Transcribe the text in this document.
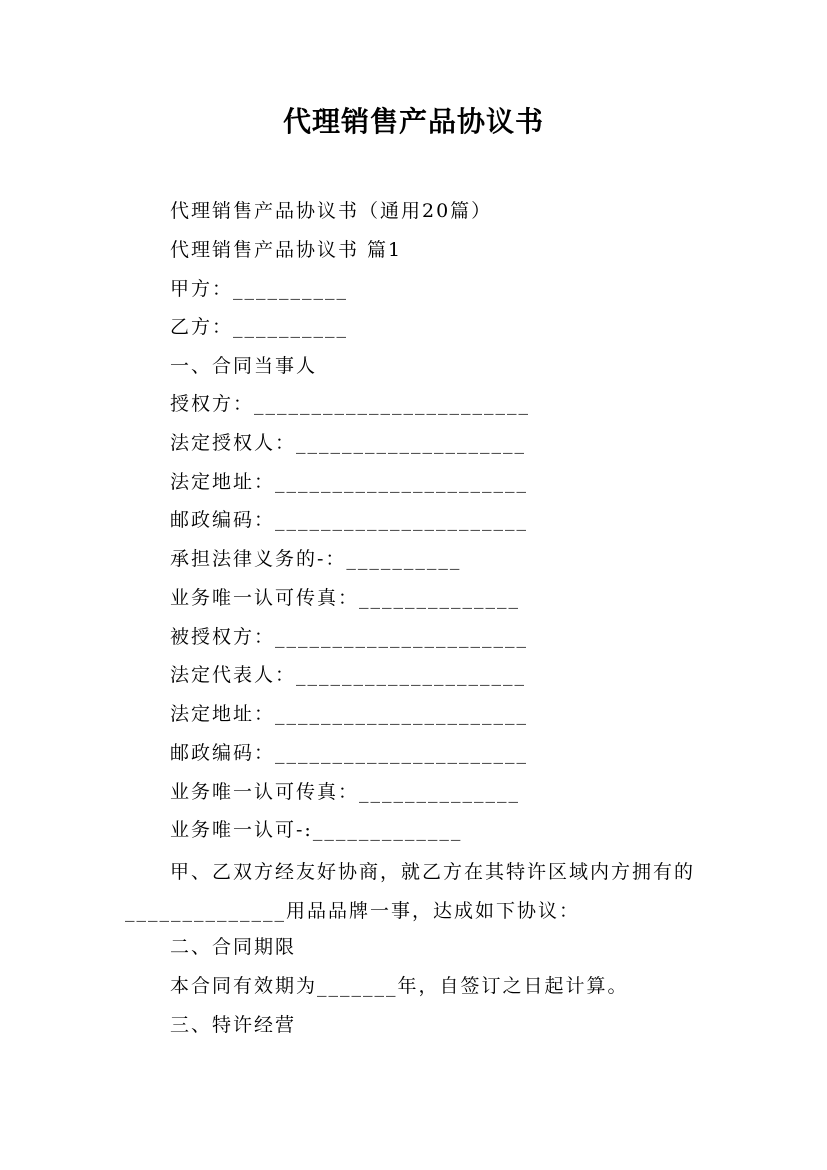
代理销售产品协议书
代理销售产品协议书（通用20篇）
代理销售产品协议书 篇1
甲方：__________
乙方：__________
一、合同当事人
授权方：________________________
法定授权人：____________________
法定地址：______________________
邮政编码：______________________
承担法律义务的-：__________
业务唯一认可传真：______________
被授权方：______________________
法定代表人：____________________
法定地址：______________________
邮政编码：______________________
业务唯一认可传真：______________
业务唯一认可-:_____________
甲、乙双方经友好协商，就乙方在其特许区域内方拥有的______________用品品牌一事，达成如下协议：
二、合同期限
本合同有效期为_______年，自签订之日起计算。
三、特许经营
